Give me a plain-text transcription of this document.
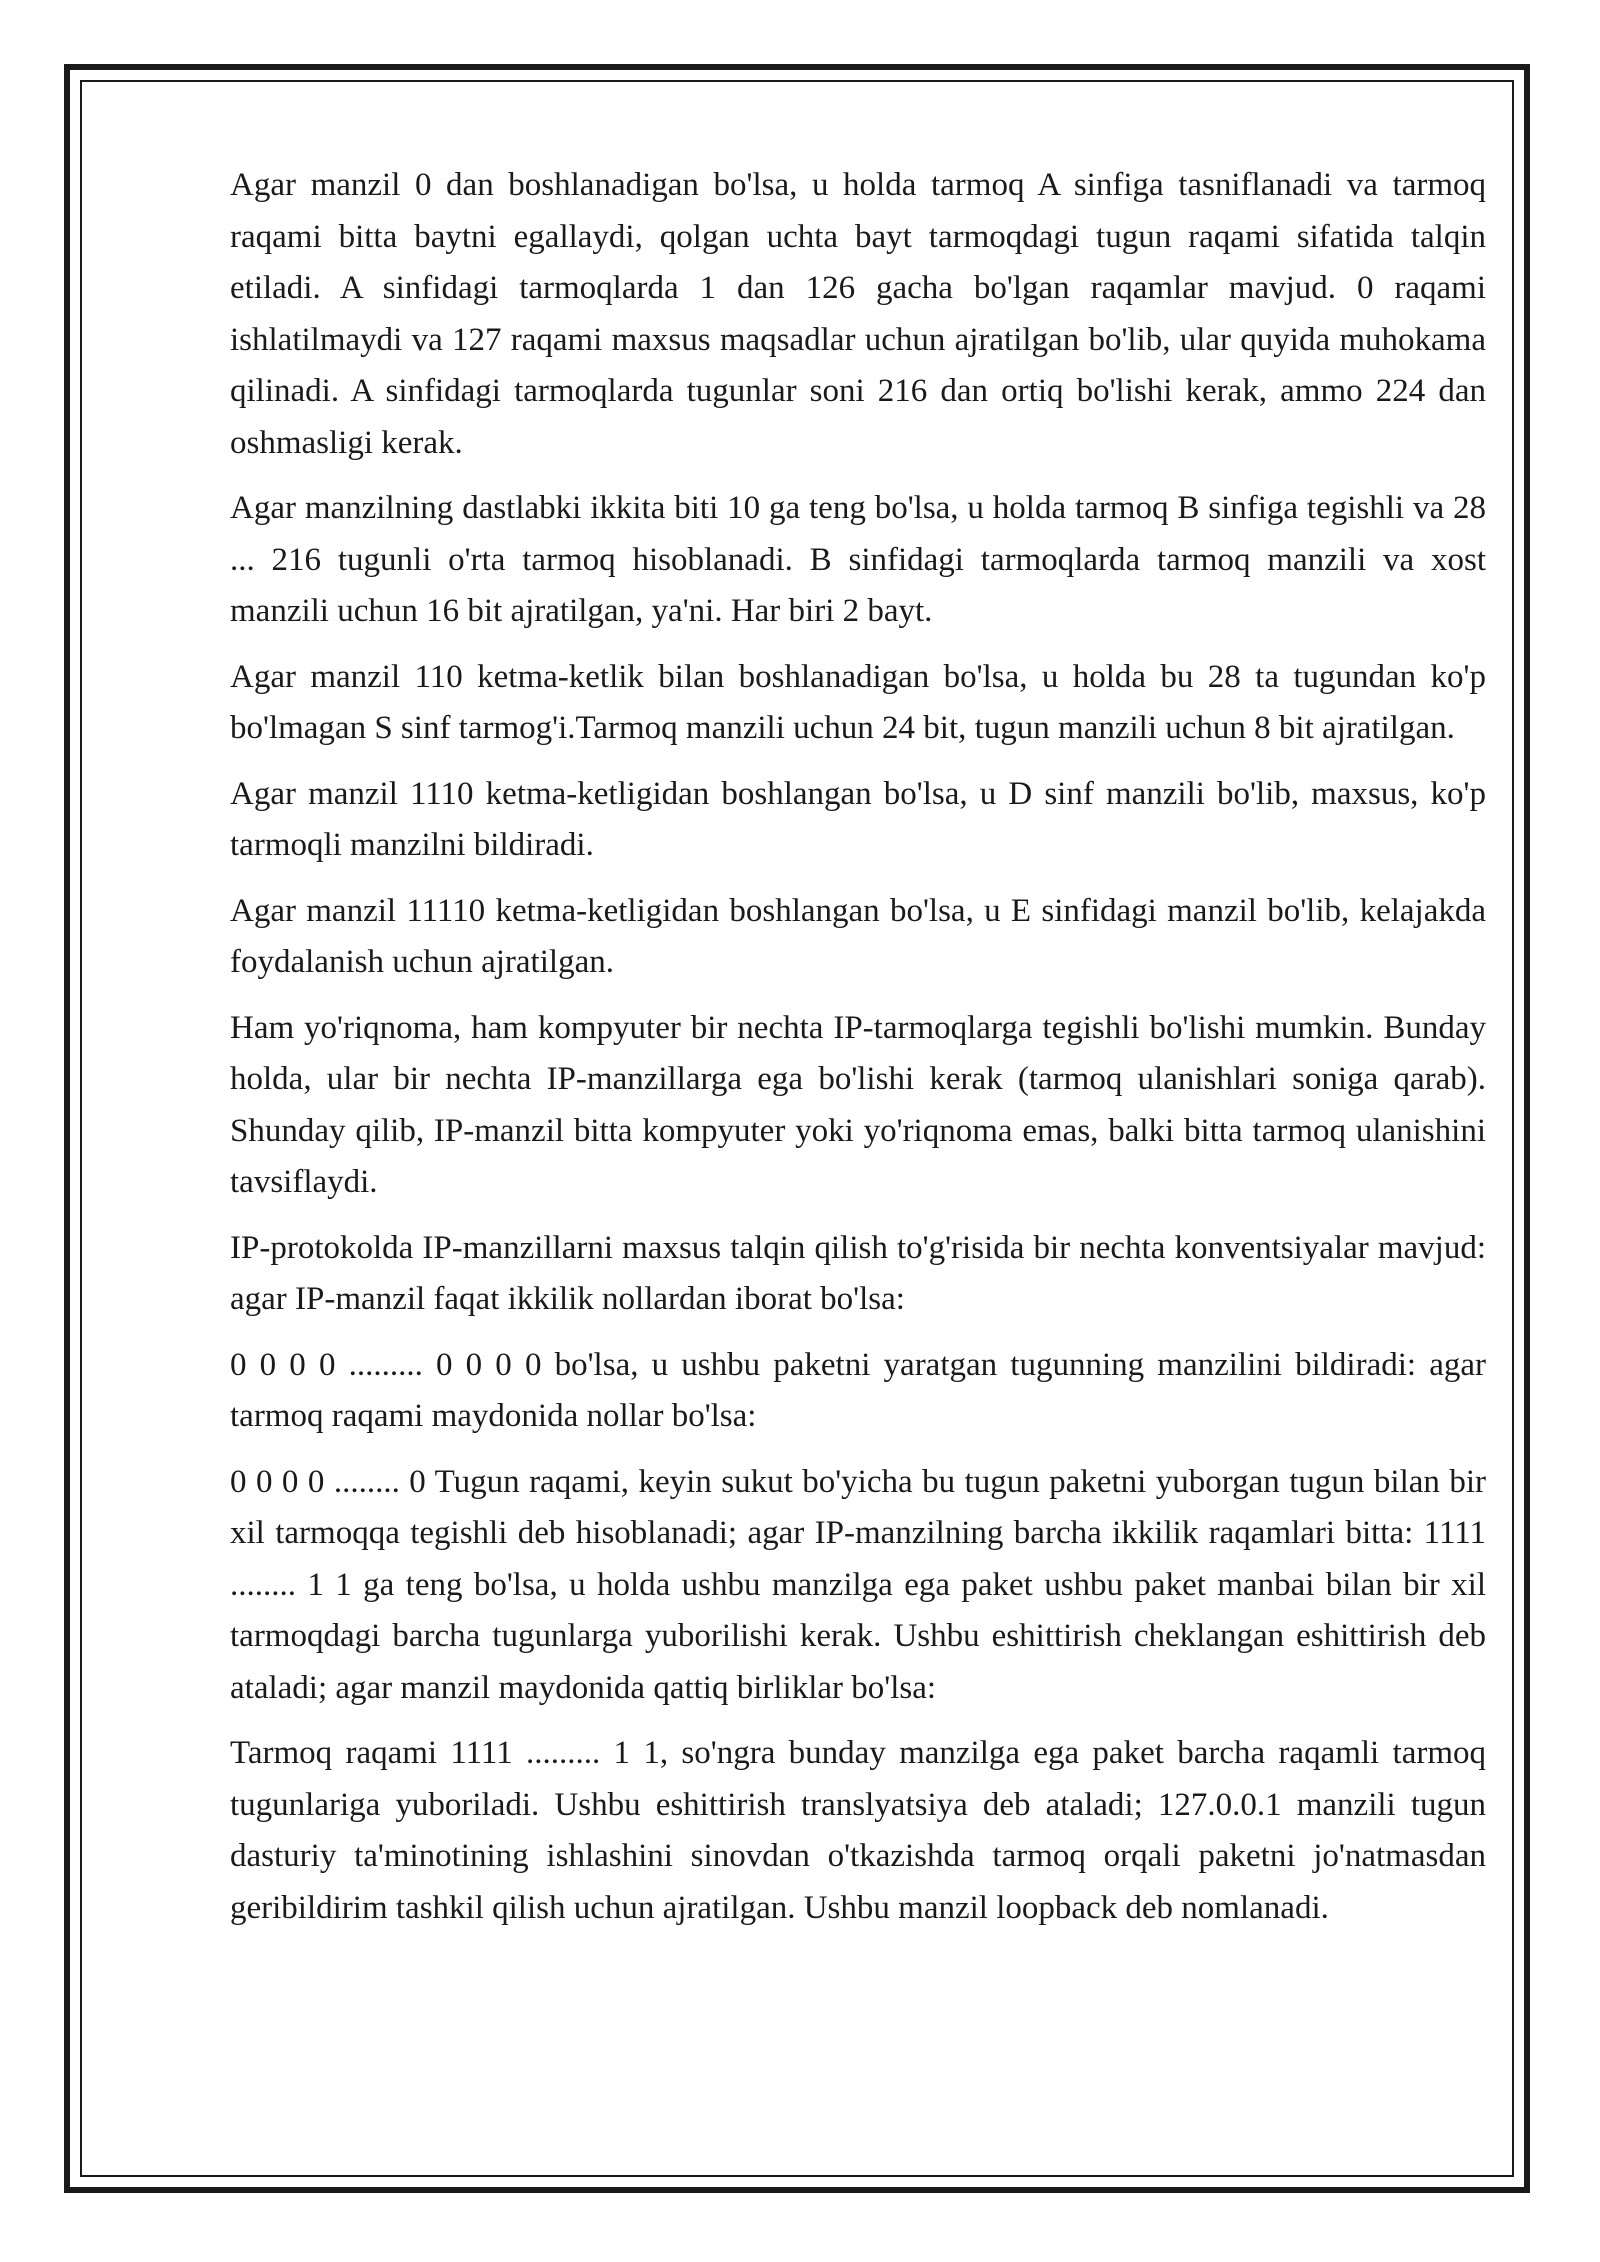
Agar manzil 0 dan boshlanadigan bo'lsa, u holda tarmoq A sinfiga tasniflanadi va tarmoq raqami bitta baytni egallaydi, qolgan uchta bayt tarmoqdagi tugun raqami sifatida talqin etiladi. A sinfidagi tarmoqlarda 1 dan 126 gacha bo'lgan raqamlar mavjud. 0 raqami ishlatilmaydi va 127 raqami maxsus maqsadlar uchun ajratilgan bo'lib, ular quyida muhokama qilinadi. A sinfidagi tarmoqlarda tugunlar soni 216 dan ortiq bo'lishi kerak, ammo 224 dan oshmasligi kerak.

Agar manzilning dastlabki ikkita biti 10 ga teng bo'lsa, u holda tarmoq B sinfiga tegishli va 28 ... 216 tugunli o'rta tarmoq hisoblanadi. B sinfidagi tarmoqlarda tarmoq manzili va xost manzili uchun 16 bit ajratilgan, ya'ni. Har biri 2 bayt.

Agar manzil 110 ketma-ketlik bilan boshlanadigan bo'lsa, u holda bu 28 ta tugundan ko'p bo'lmagan S sinf tarmog'i.Tarmoq manzili uchun 24 bit, tugun manzili uchun 8 bit ajratilgan.

Agar manzil 1110 ketma-ketligidan boshlangan bo'lsa, u D sinf manzili bo'lib, maxsus, ko'p tarmoqli manzilni bildiradi.

Agar manzil 11110 ketma-ketligidan boshlangan bo'lsa, u E sinfidagi manzil bo'lib, kelajakda foydalanish uchun ajratilgan.

Ham yo'riqnoma, ham kompyuter bir nechta IP-tarmoqlarga tegishli bo'lishi mumkin. Bunday holda, ular bir nechta IP-manzillarga ega bo'lishi kerak (tarmoq ulanishlari soniga qarab). Shunday qilib, IP-manzil bitta kompyuter yoki yo'riqnoma emas, balki bitta tarmoq ulanishini tavsiflaydi.

IP-protokolda IP-manzillarni maxsus talqin qilish to'g'risida bir nechta konventsiyalar mavjud: agar IP-manzil faqat ikkilik nollardan iborat bo'lsa:

0 0 0 0 ......... 0 0 0 0 bo'lsa, u ushbu paketni yaratgan tugunning manzilini bildiradi: agar tarmoq raqami maydonida nollar bo'lsa:

0 0 0 0 ........ 0 Tugun raqami, keyin sukut bo'yicha bu tugun paketni yuborgan tugun bilan bir xil tarmoqqa tegishli deb hisoblanadi; agar IP-manzilning barcha ikkilik raqamlari bitta: 1111 ........ 1 1 ga teng bo'lsa, u holda ushbu manzilga ega paket ushbu paket manbai bilan bir xil tarmoqdagi barcha tugunlarga yuborilishi kerak. Ushbu eshittirish cheklangan eshittirish deb ataladi; agar manzil maydonida qattiq birliklar bo'lsa:

Tarmoq raqami 1111 ......... 1 1, so'ngra bunday manzilga ega paket barcha raqamli tarmoq tugunlariga yuboriladi. Ushbu eshittirish translyatsiya deb ataladi; 127.0.0.1 manzili tugun dasturiy ta'minotining ishlashini sinovdan o'tkazishda tarmoq orqali paketni jo'natmasdan geribildirim tashkil qilish uchun ajratilgan. Ushbu manzil loopback deb nomlanadi.
